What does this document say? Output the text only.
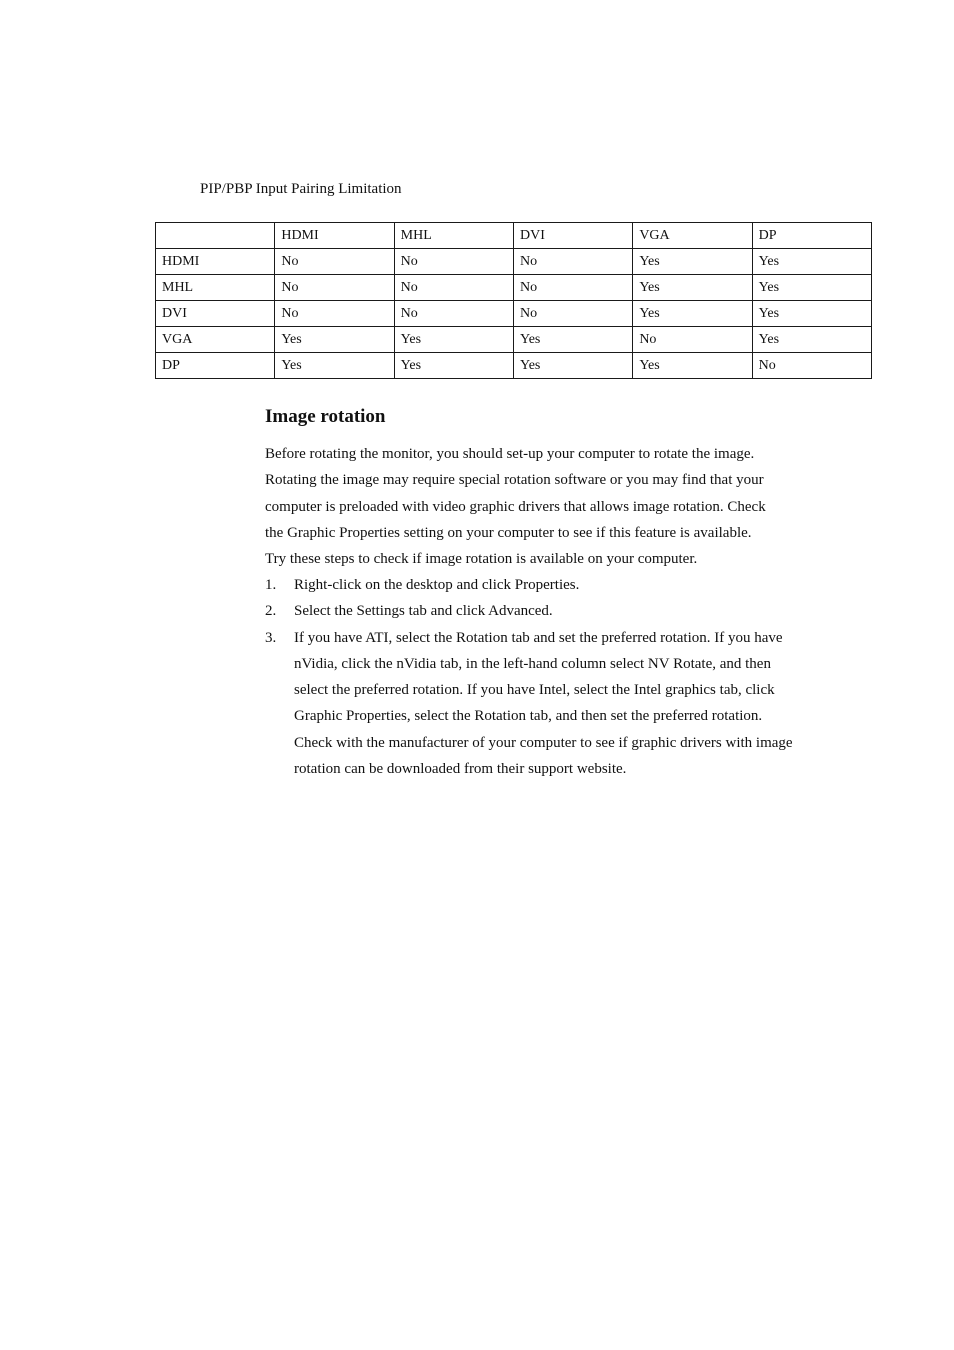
PIP/PBP Input Pairing Limitation
	HDMI	MHL	DVI	VGA	DP
HDMI	No	No	No	Yes	Yes
MHL	No	No	No	Yes	Yes
DVI	No	No	No	Yes	Yes
VGA	Yes	Yes	Yes	No	Yes
DP	Yes	Yes	Yes	Yes	No
Image rotation
Before rotating the monitor, you should set-up your computer to rotate the image.
Rotating the image may require special rotation software or you may find that your
computer is preloaded with video graphic drivers that allows image rotation. Check
the Graphic Properties setting on your computer to see if this feature is available.
Try these steps to check if image rotation is available on your computer.
1. Right-click on the desktop and click Properties.
2. Select the Settings tab and click Advanced.
3. If you have ATI, select the Rotation tab and set the preferred rotation. If you have
nVidia, click the nVidia tab, in the left-hand column select NV Rotate, and then
select the preferred rotation. If you have Intel, select the Intel graphics tab, click
Graphic Properties, select the Rotation tab, and then set the preferred rotation.
Check with the manufacturer of your computer to see if graphic drivers with image
rotation can be downloaded from their support website.
